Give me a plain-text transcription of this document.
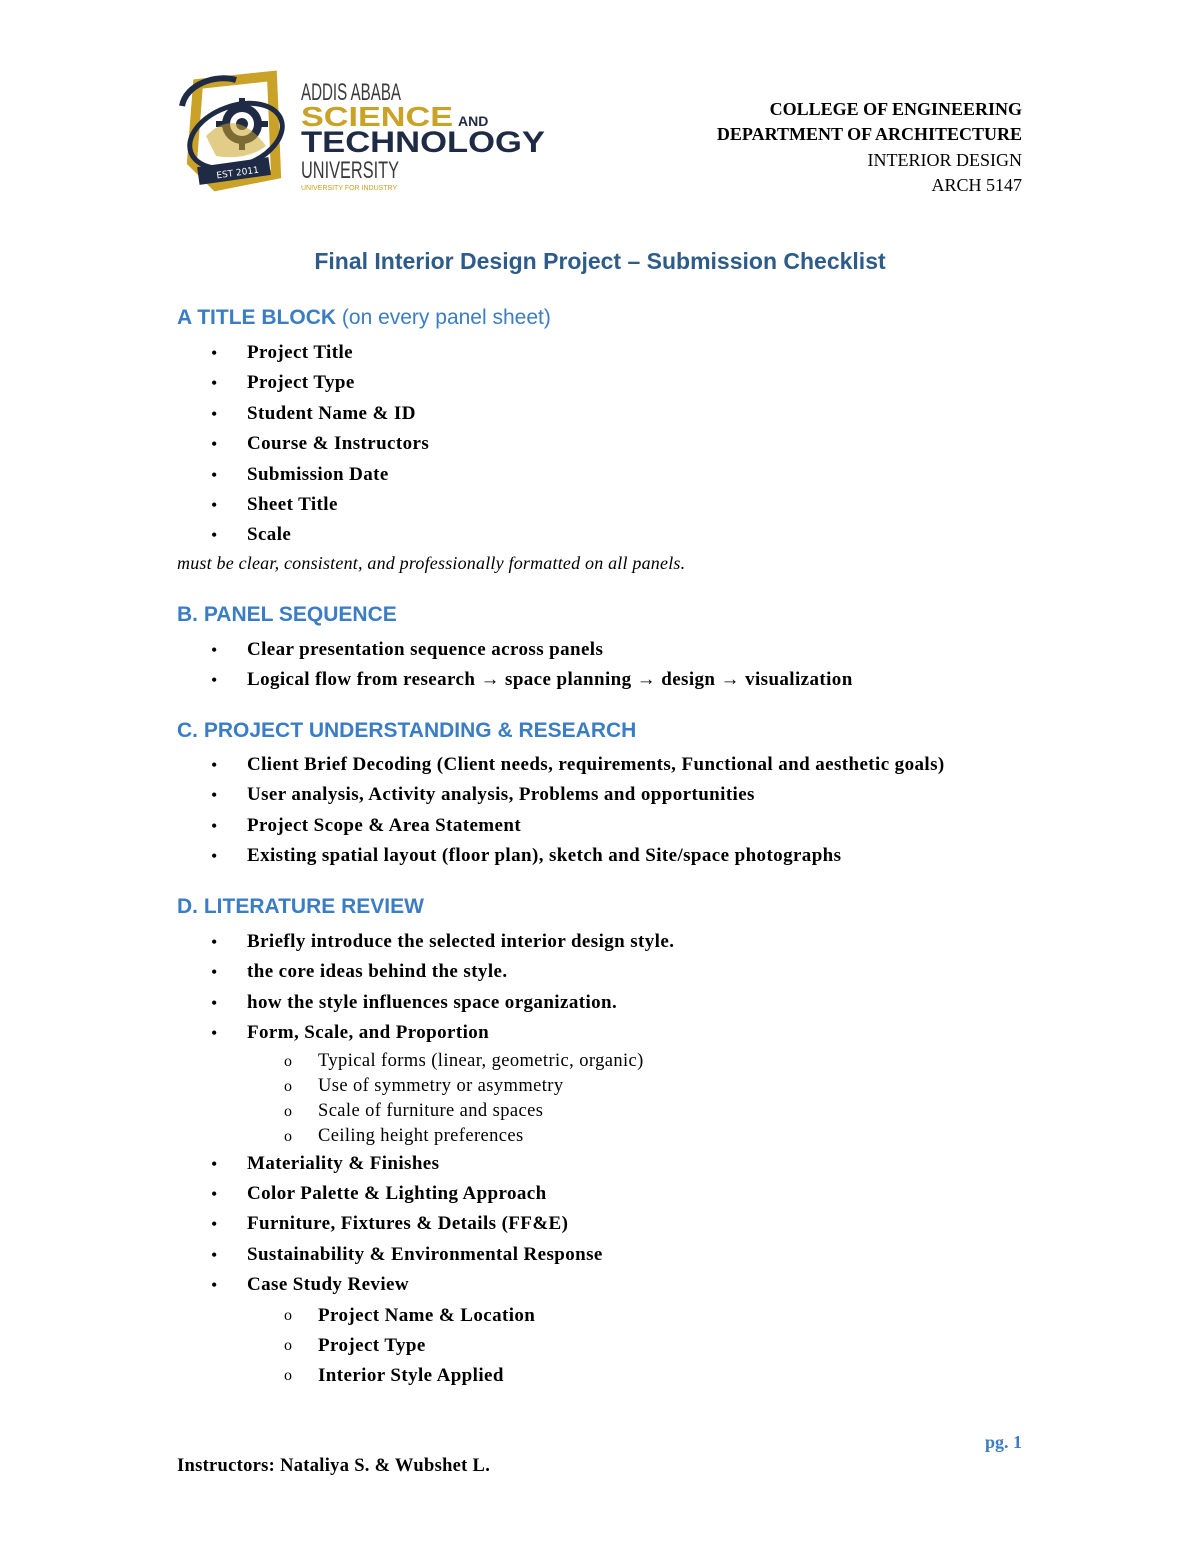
EST 2011
ADDIS ABABA
SCIENCE AND
TECHNOLOGY
UNIVERSITY
UNIVERSITY FOR INDUSTRY
COLLEGE OF ENGINEERING
DEPARTMENT OF ARCHITECTURE
INTERIOR DESIGN
ARCH 5147
Final Interior Design Project – Submission Checklist
A TITLE BLOCK (on every panel sheet)
• Project Title
• Project Type
• Student Name & ID
• Course & Instructors
• Submission Date
• Sheet Title
• Scale
must be clear, consistent, and professionally formatted on all panels.
B. PANEL SEQUENCE
• Clear presentation sequence across panels
• Logical flow from research → space planning → design → visualization
C. PROJECT UNDERSTANDING & RESEARCH
• Client Brief Decoding (Client needs, requirements, Functional and aesthetic goals)
• User analysis, Activity analysis, Problems and opportunities
• Project Scope & Area Statement
• Existing spatial layout (floor plan), sketch and Site/space photographs
D. LITERATURE REVIEW
• Briefly introduce the selected interior design style.
• the core ideas behind the style.
• how the style influences space organization.
• Form, Scale, and Proportion
o Typical forms (linear, geometric, organic)
o Use of symmetry or asymmetry
o Scale of furniture and spaces
o Ceiling height preferences
• Materiality & Finishes
• Color Palette & Lighting Approach
• Furniture, Fixtures & Details (FF&E)
• Sustainability & Environmental Response
• Case Study Review
o Project Name & Location
o Project Type
o Interior Style Applied
pg. 1
Instructors: Nataliya S. & Wubshet L.
